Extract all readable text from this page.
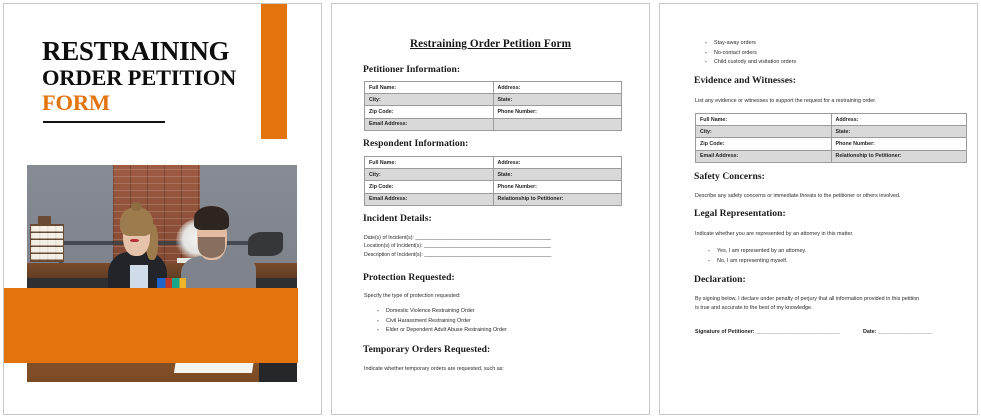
RESTRAINING
ORDER PETITION
FORM
Restraining Order Petition Form
Petitioner Information:
Full Name:	Address:
City:	State:
Zip Code:	Phone Number:
Email Address:	
Respondent Information:
Full Name:	Address:
City:	State:
Zip Code:	Phone Number:
Email Address:	Relationship to Petitioner:
Incident Details:
Date(s) of Incident(s): _______________________________________________
Location(s) of Incident(s): ____________________________________________
Description of Incident(s): ____________________________________________
Protection Requested:
Specify the type of protection requested:
- Domestic Violence Restraining Order
- Civil Harassment Restraining Order
- Elder or Dependent Adult Abuse Restraining Order
Temporary Orders Requested:
Indicate whether temporary orders are requested, such as:
- Stay-away orders
- No-contact orders
- Child custody and visitation orders
Evidence and Witnesses:
List any evidence or witnesses to support the request for a restraining order.
Full Name:	Address:
City:	State:
Zip Code:	Phone Number:
Email Address:	Relationship to Petitioner:
Safety Concerns:
Describe any safety concerns or immediate threats to the petitioner or others involved.
Legal Representation:
Indicate whether you are represented by an attorney in this matter.
- Yes, I am represented by an attorney.
- No, I am representing myself.
Declaration:
By signing below, I declare under penalty of perjury that all information provided in this petition
is true and accurate to the best of my knowledge.
Signature of Petitioner: ____________________________	Date: __________________
